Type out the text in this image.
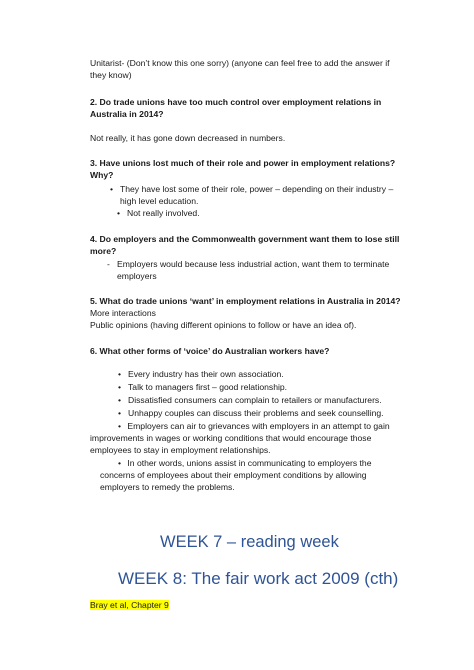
Unitarist- (Don’t know this one sorry) (anyone can feel free to add the answer if they know)
2. Do trade unions have too much control over employment relations in Australia in 2014?
Not really, it has gone down decreased in numbers.
3. Have unions lost much of their role and power in employment relations? Why?
• They have lost some of their role, power – depending on their industry – high level education.
• Not really involved.
4. Do employers and the Commonwealth government want them to lose still more?
- Employers would because less industrial action, want them to terminate employers
5. What do trade unions ‘want’ in employment relations in Australia in 2014?
More interactions
Public opinions (having different opinions to follow or have an idea of).
6. What other forms of ‘voice’ do Australian workers have?
• Every industry has their own association.
• Talk to managers first – good relationship.
• Dissatisfied consumers can complain to retailers or manufacturers.
• Unhappy couples can discuss their problems and seek counselling.
• Employers can air to grievances with employers in an attempt to gain improvements in wages or working conditions that would encourage those employees to stay in employment relationships.
• In other words, unions assist in communicating to employers the concerns of employees about their employment conditions by allowing employers to remedy the problems.
WEEK 7 – reading week
WEEK 8: The fair work act 2009 (cth)
Bray et al, Chapter 9
